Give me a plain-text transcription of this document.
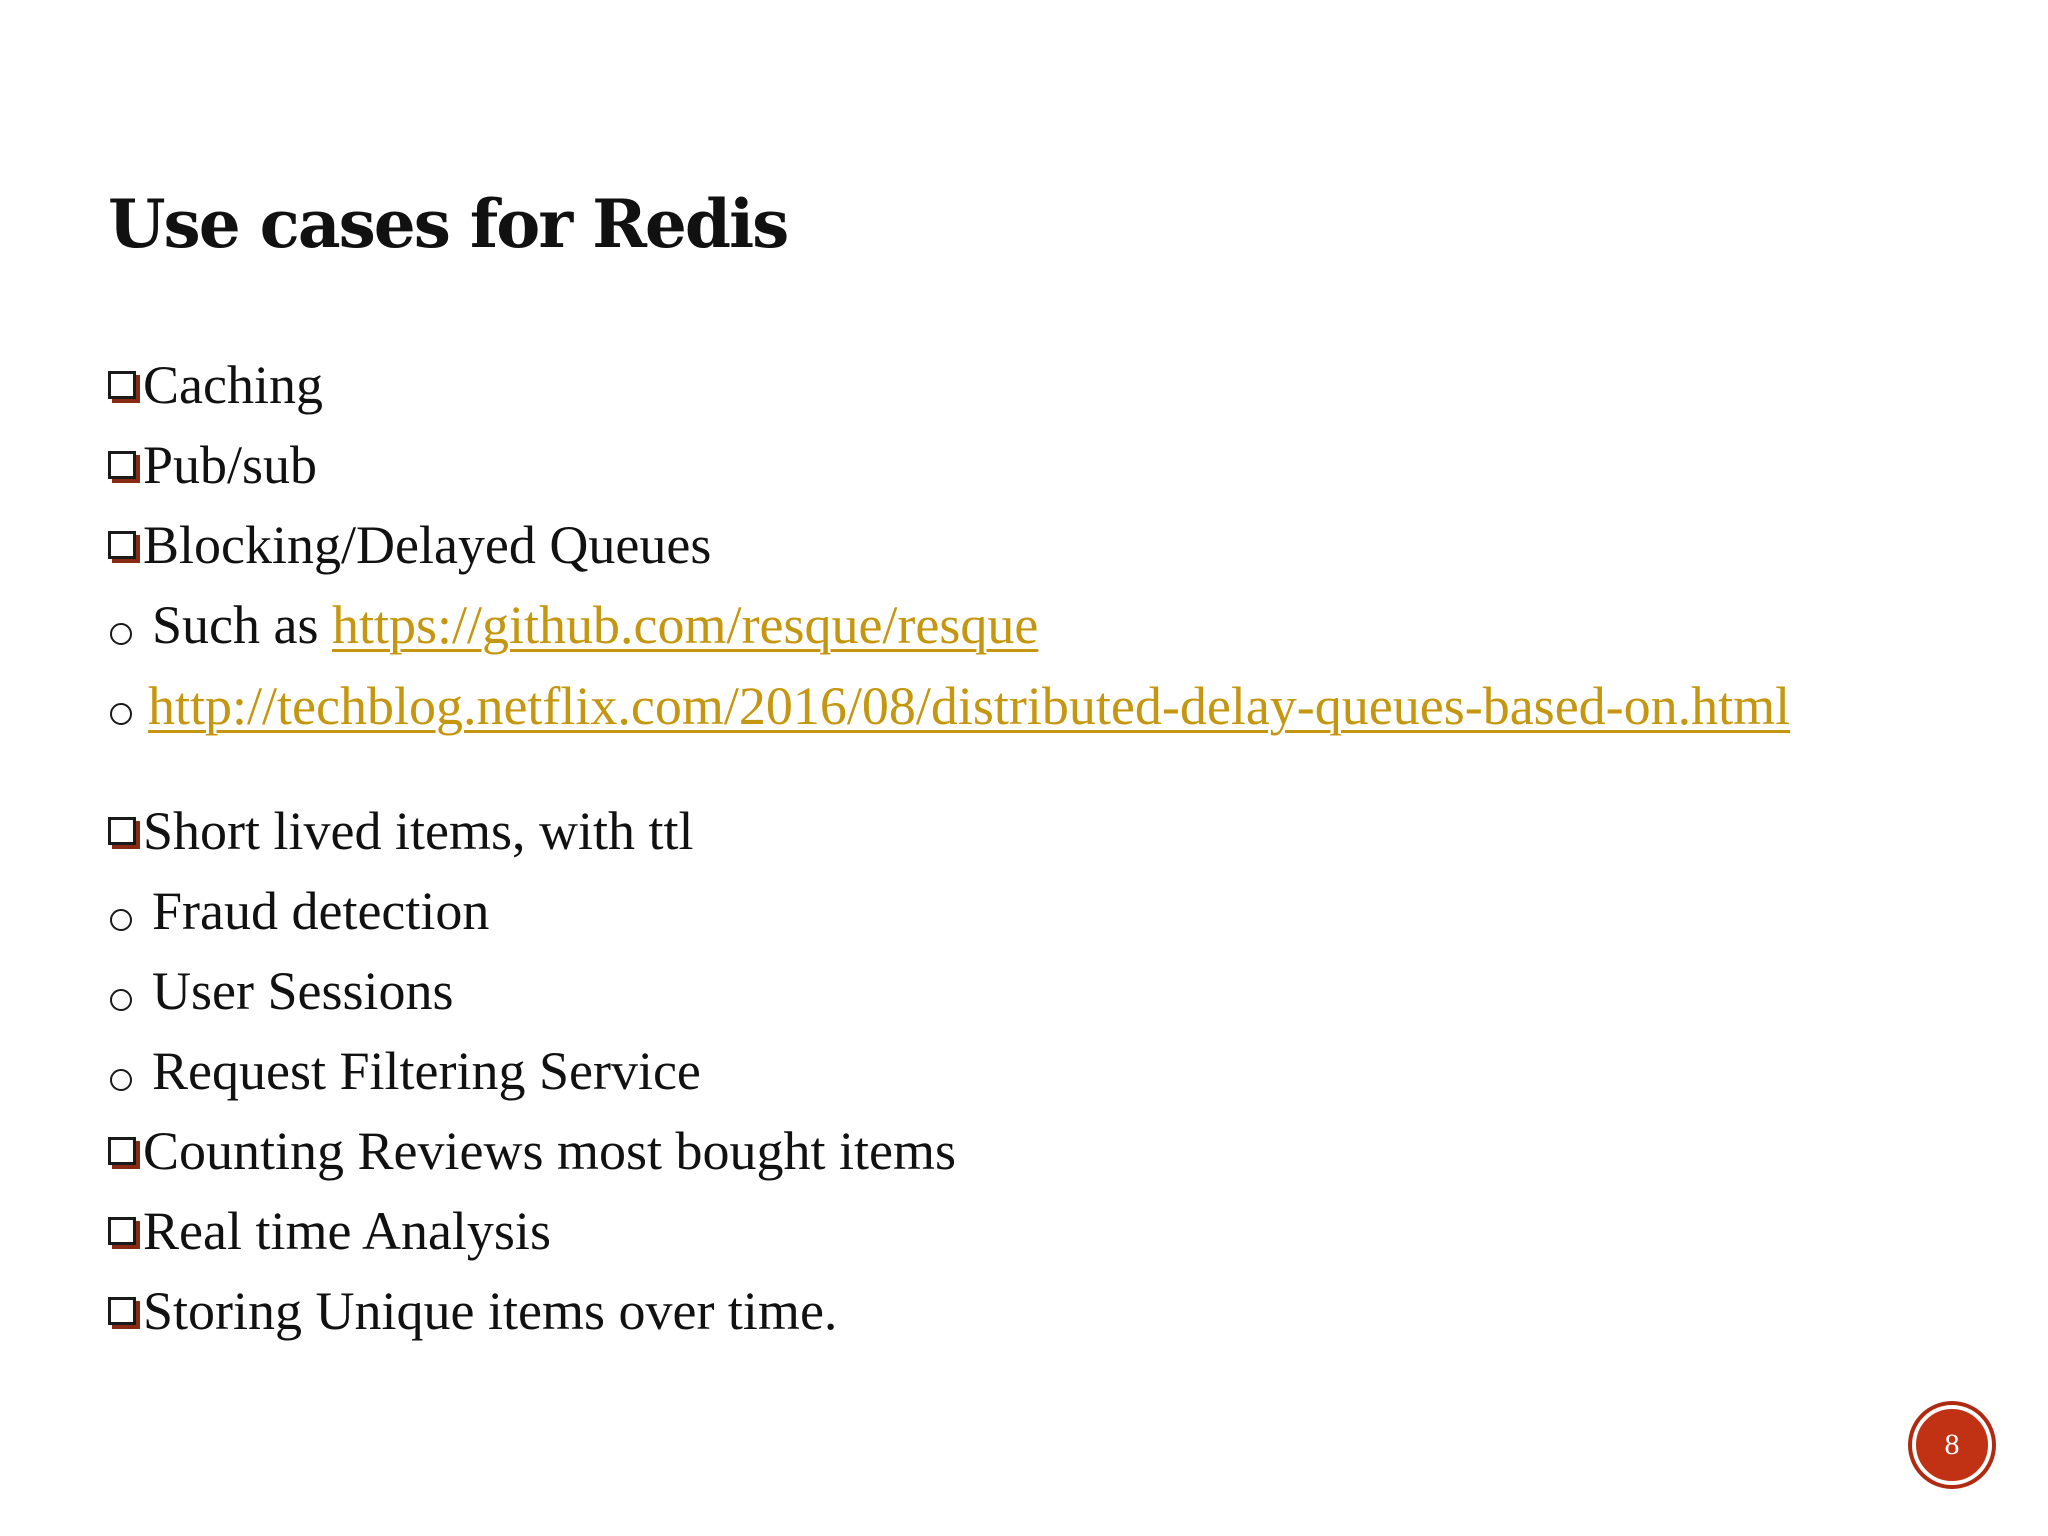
Use cases for Redis
Caching
Pub/sub
Blocking/Delayed Queues
Such as https://github.com/resque/resque
http://techblog.netflix.com/2016/08/distributed-delay-queues-based-on.html
Short lived items, with ttl
Fraud detection
User Sessions
Request Filtering Service
Counting Reviews most bought items
Real time Analysis
Storing Unique items over time.
8
